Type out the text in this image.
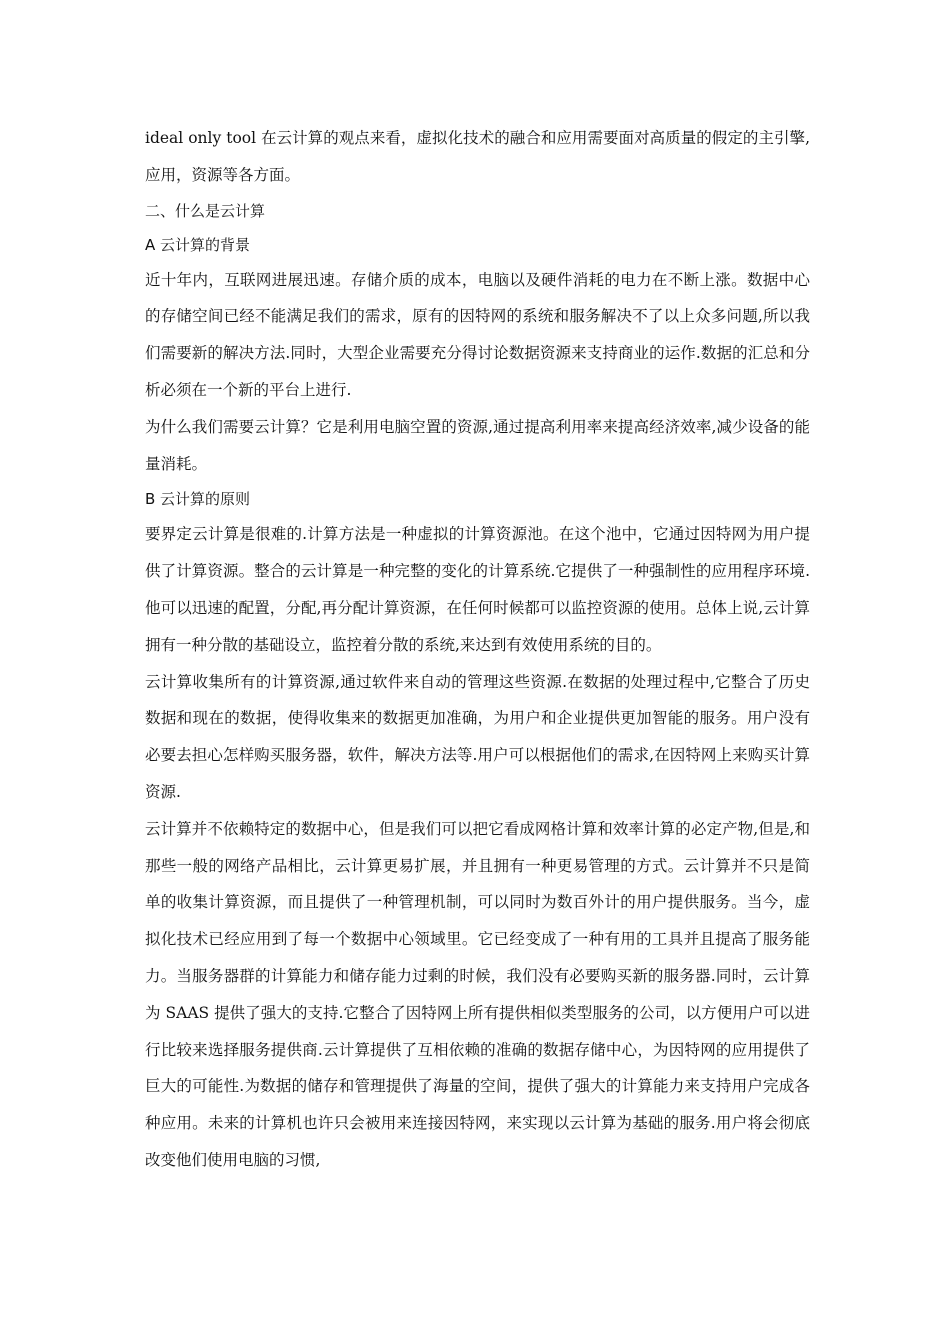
ideal only tool 在云计算的观点来看，虚拟化技术的融合和应用需要面对高质量的假定的主引擎,应用，资源等各方面。

二、什么是云计算

A 云计算的背景

近十年内，互联网进展迅速。存储介质的成本，电脑以及硬件消耗的电力在不断上涨。数据中心的存储空间已经不能满足我们的需求，原有的因特网的系统和服务解决不了以上众多问题,所以我们需要新的解决方法.同时，大型企业需要充分得讨论数据资源来支持商业的运作.数据的汇总和分析必须在一个新的平台上进行.

为什么我们需要云计算？它是利用电脑空置的资源,通过提高利用率来提高经济效率,减少设备的能量消耗。

B 云计算的原则

要界定云计算是很难的.计算方法是一种虚拟的计算资源池。在这个池中，它通过因特网为用户提供了计算资源。整合的云计算是一种完整的变化的计算系统.它提供了一种强制性的应用程序环境.他可以迅速的配置，分配,再分配计算资源，在任何时候都可以监控资源的使用。总体上说,云计算拥有一种分散的基础设立，监控着分散的系统,来达到有效使用系统的目的。

云计算收集所有的计算资源,通过软件来自动的管理这些资源.在数据的处理过程中,它整合了历史数据和现在的数据，使得收集来的数据更加准确，为用户和企业提供更加智能的服务。用户没有必要去担心怎样购买服务器，软件，解决方法等.用户可以根据他们的需求,在因特网上来购买计算资源.

云计算并不依赖特定的数据中心，但是我们可以把它看成网格计算和效率计算的必定产物,但是,和那些一般的网络产品相比，云计算更易扩展，并且拥有一种更易管理的方式。云计算并不只是简单的收集计算资源，而且提供了一种管理机制，可以同时为数百外计的用户提供服务。当今，虚拟化技术已经应用到了每一个数据中心领域里。它已经变成了一种有用的工具并且提高了服务能力。当服务器群的计算能力和储存能力过剩的时候，我们没有必要购买新的服务器.同时，云计算为 SAAS 提供了强大的支持.它整合了因特网上所有提供相似类型服务的公司，以方便用户可以进行比较来选择服务提供商.云计算提供了互相依赖的准确的数据存储中心，为因特网的应用提供了巨大的可能性.为数据的储存和管理提供了海量的空间，提供了强大的计算能力来支持用户完成各种应用。未来的计算机也许只会被用来连接因特网，来实现以云计算为基础的服务.用户将会彻底改变他们使用电脑的习惯,
